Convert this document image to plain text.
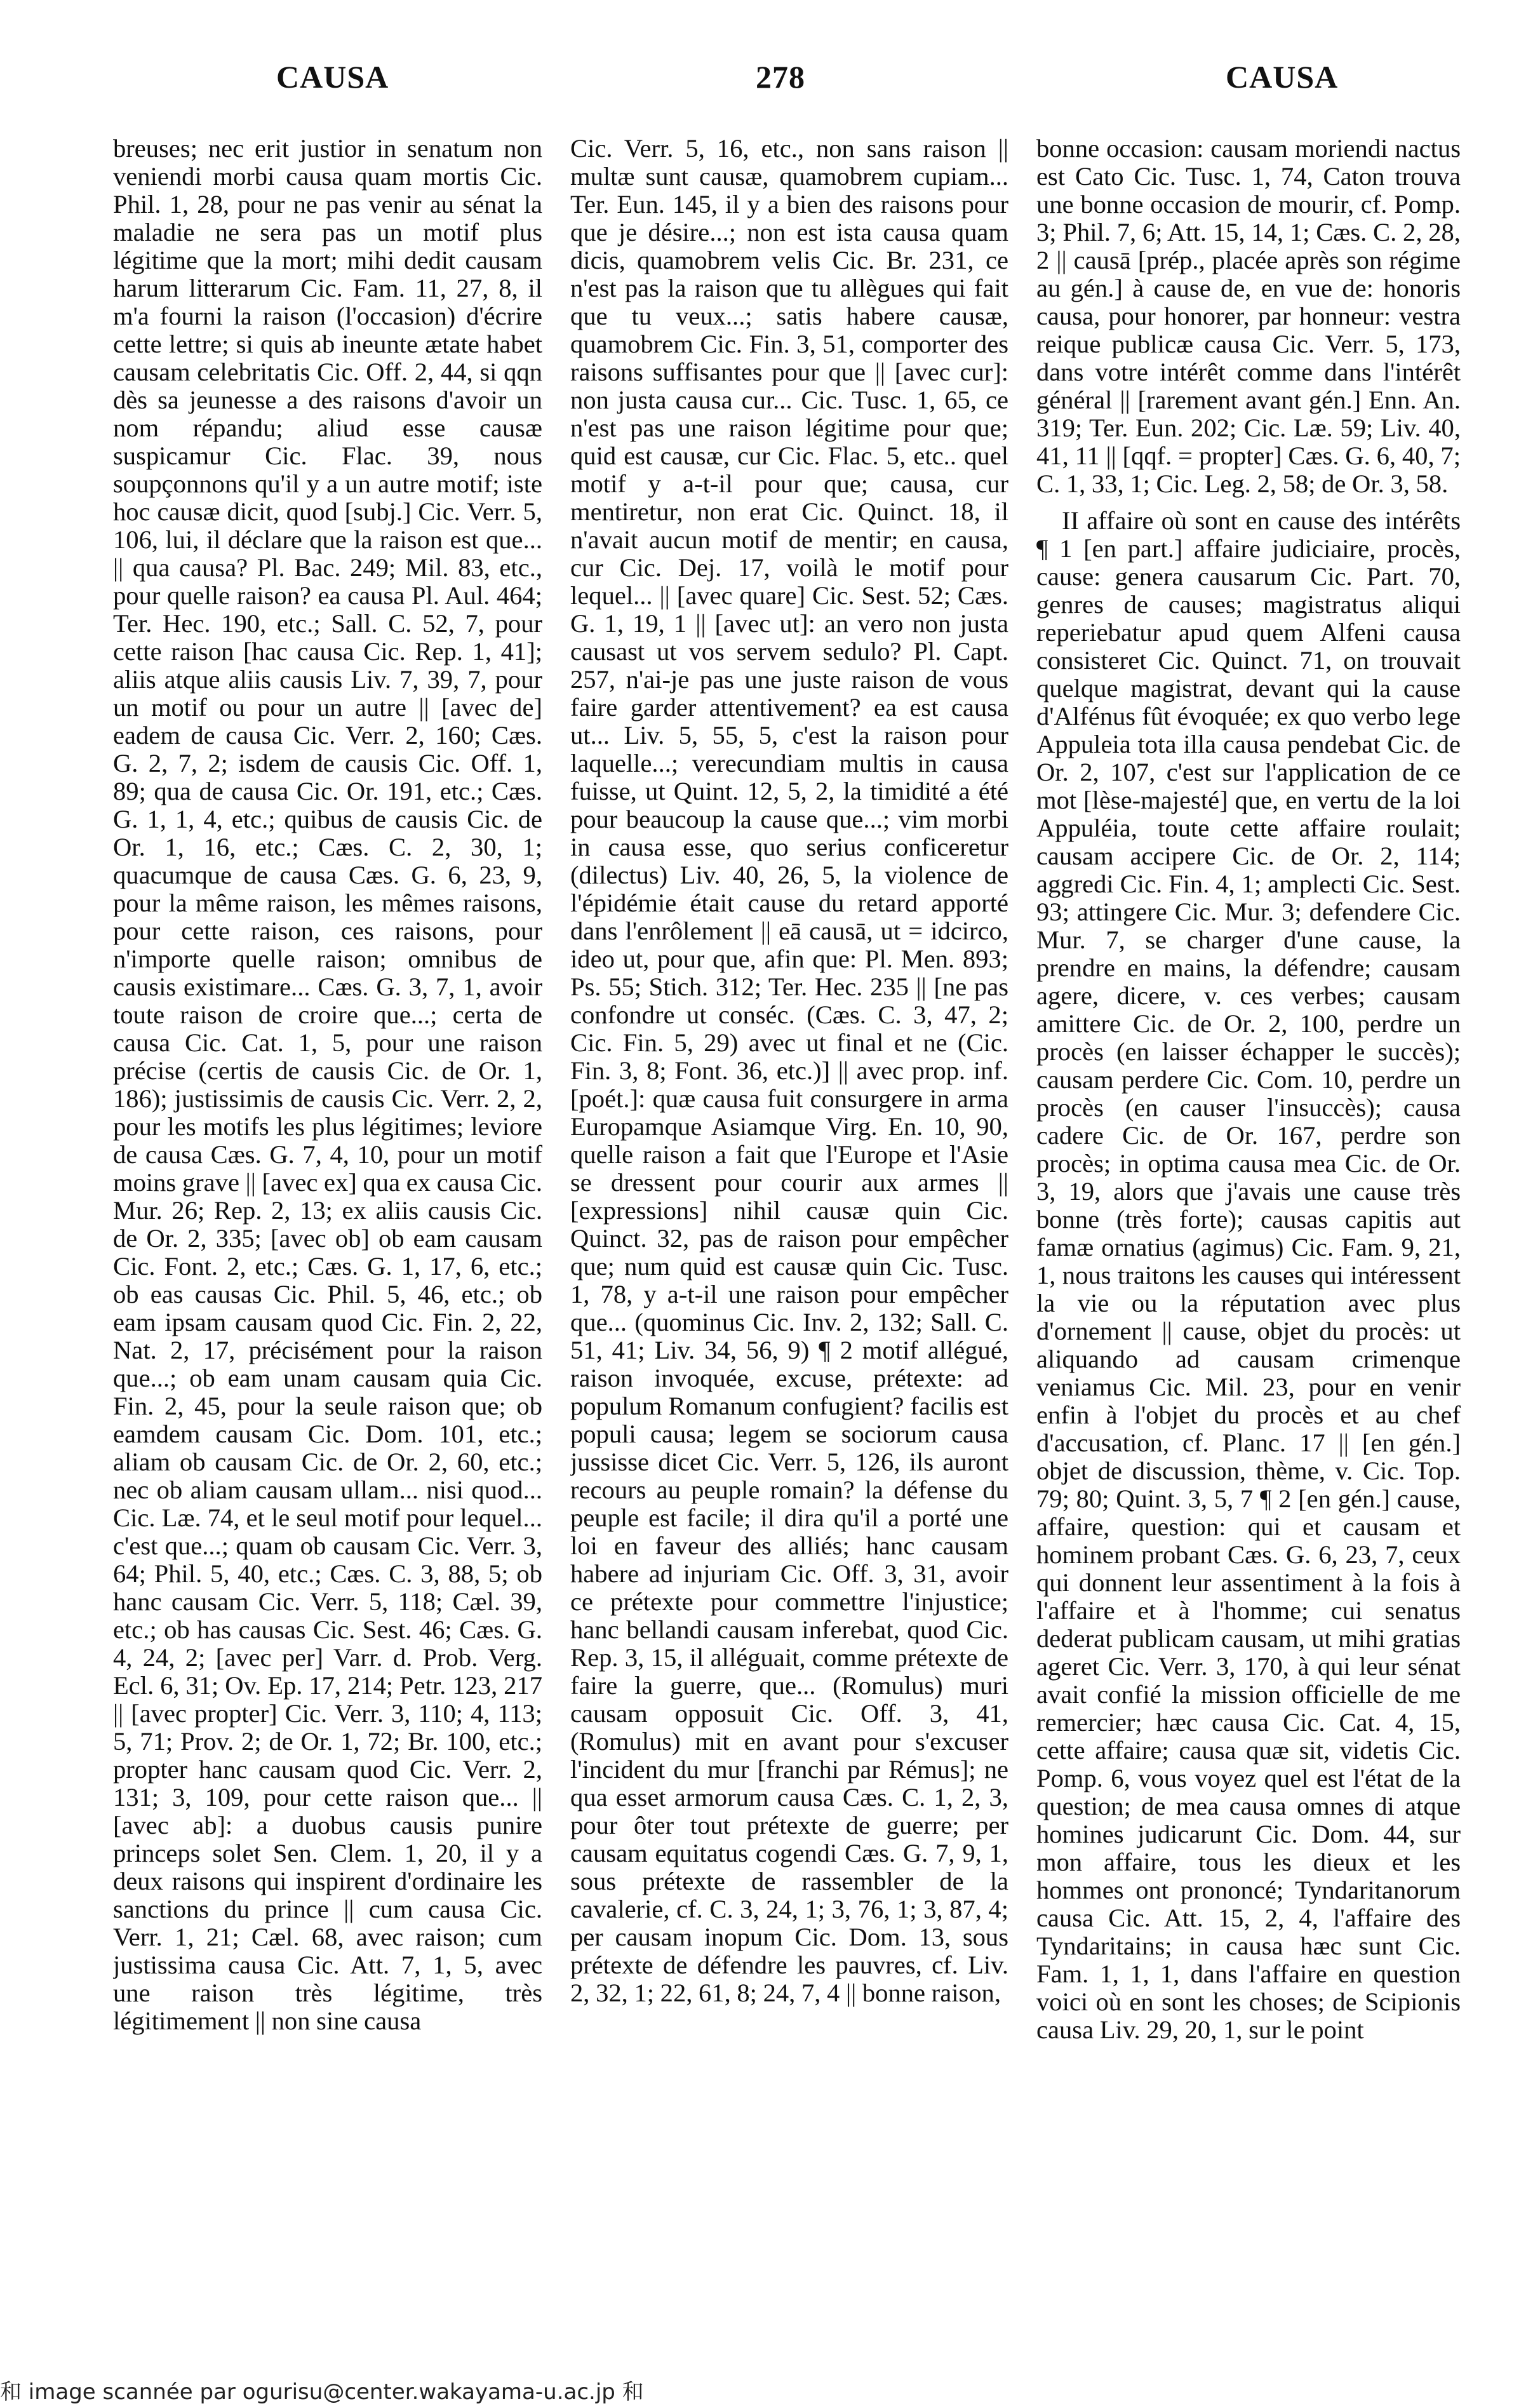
CAUSA	278	CAUSA

breuses; nec erit justior in senatum non veniendi morbi causa quam mortis Cic. Phil. 1, 28, pour ne pas venir au sénat la maladie ne sera pas un motif plus légitime que la mort; mihi dedit causam harum litterarum Cic. Fam. 11, 27, 8, il m'a fourni la raison (l'occasion) d'écrire cette lettre; si quis ab ineunte ætate habet causam celebritatis Cic. Off. 2, 44, si qqn dès sa jeunesse a des raisons d'avoir un nom répandu; aliud esse causæ suspicamur Cic. Flac. 39, nous soupçonnons qu'il y a un autre motif; iste hoc causæ dicit, quod [subj.] Cic. Verr. 5, 106, lui, il déclare que la raison est que... || qua causa? Pl. Bac. 249; Mil. 83, etc., pour quelle raison? ea causa Pl. Aul. 464; Ter. Hec. 190, etc.; Sall. C. 52, 7, pour cette raison [hac causa Cic. Rep. 1, 41]; aliis atque aliis causis Liv. 7, 39, 7, pour un motif ou pour un autre || [avec de] eadem de causa Cic. Verr. 2, 160; Cæs. G. 2, 7, 2; isdem de causis Cic. Off. 1, 89; qua de causa Cic. Or. 191, etc.; Cæs. G. 1, 1, 4, etc.; quibus de causis Cic. de Or. 1, 16, etc.; Cæs. C. 2, 30, 1; quacumque de causa Cæs. G. 6, 23, 9, pour la même raison, les mêmes raisons, pour cette raison, ces raisons, pour n'importe quelle raison; omnibus de causis existimare... Cæs. G. 3, 7, 1, avoir toute raison de croire que...; certa de causa Cic. Cat. 1, 5, pour une raison précise (certis de causis Cic. de Or. 1, 186); justissimis de causis Cic. Verr. 2, 2, pour les motifs les plus légitimes; leviore de causa Cæs. G. 7, 4, 10, pour un motif moins grave || [avec ex] qua ex causa Cic. Mur. 26; Rep. 2, 13; ex aliis causis Cic. de Or. 2, 335; [avec ob] ob eam causam Cic. Font. 2, etc.; Cæs. G. 1, 17, 6, etc.; ob eas causas Cic. Phil. 5, 46, etc.; ob eam ipsam causam quod Cic. Fin. 2, 22, Nat. 2, 17, précisément pour la raison que...; ob eam unam causam quia Cic. Fin. 2, 45, pour la seule raison que; ob eamdem causam Cic. Dom. 101, etc.; aliam ob causam Cic. de Or. 2, 60, etc.; nec ob aliam causam ullam... nisi quod... Cic. Læ. 74, et le seul motif pour lequel... c'est que...; quam ob causam Cic. Verr. 3, 64; Phil. 5, 40, etc.; Cæs. C. 3, 88, 5; ob hanc causam Cic. Verr. 5, 118; Cæl. 39, etc.; ob has causas Cic. Sest. 46; Cæs. G. 4, 24, 2; [avec per] Varr. d. Prob. Verg. Ecl. 6, 31; Ov. Ep. 17, 214; Petr. 123, 217 || [avec propter] Cic. Verr. 3, 110; 4, 113; 5, 71; Prov. 2; de Or. 1, 72; Br. 100, etc.; propter hanc causam quod Cic. Verr. 2, 131; 3, 109, pour cette raison que... || [avec ab]: a duobus causis punire princeps solet Sen. Clem. 1, 20, il y a deux raisons qui inspirent d'ordinaire les sanctions du prince || cum causa Cic. Verr. 1, 21; Cæl. 68, avec raison; cum justissima causa Cic. Att. 7, 1, 5, avec une raison très légitime, très légitimement || non sine causa

Cic. Verr. 5, 16, etc., non sans raison || multæ sunt causæ, quamobrem cupiam... Ter. Eun. 145, il y a bien des raisons pour que je désire...; non est ista causa quam dicis, quamobrem velis Cic. Br. 231, ce n'est pas la raison que tu allègues qui fait que tu veux...; satis habere causæ, quamobrem Cic. Fin. 3, 51, comporter des raisons suffisantes pour que || [avec cur]: non justa causa cur... Cic. Tusc. 1, 65, ce n'est pas une raison légitime pour que; quid est causæ, cur Cic. Flac. 5, etc.. quel motif y a-t-il pour que; causa, cur mentiretur, non erat Cic. Quinct. 18, il n'avait aucun motif de mentir; en causa, cur Cic. Dej. 17, voilà le motif pour lequel... || [avec quare] Cic. Sest. 52; Cæs. G. 1, 19, 1 || [avec ut]: an vero non justa causast ut vos servem sedulo? Pl. Capt. 257, n'ai-je pas une juste raison de vous faire garder attentivement? ea est causa ut... Liv. 5, 55, 5, c'est la raison pour laquelle...; verecundiam multis in causa fuisse, ut Quint. 12, 5, 2, la timidité a été pour beaucoup la cause que...; vim morbi in causa esse, quo serius conficeretur (dilectus) Liv. 40, 26, 5, la violence de l'épidémie était cause du retard apporté dans l'enrôlement || eā causā, ut = idcirco, ideo ut, pour que, afin que: Pl. Men. 893; Ps. 55; Stich. 312; Ter. Hec. 235 || [ne pas confondre ut conséc. (Cæs. C. 3, 47, 2; Cic. Fin. 5, 29) avec ut final et ne (Cic. Fin. 3, 8; Font. 36, etc.)] || avec prop. inf. [poét.]: quæ causa fuit consurgere in arma Europamque Asiamque Virg. En. 10, 90, quelle raison a fait que l'Europe et l'Asie se dressent pour courir aux armes || [expressions] nihil causæ quin Cic. Quinct. 32, pas de raison pour empêcher que; num quid est causæ quin Cic. Tusc. 1, 78, y a-t-il une raison pour empêcher que... (quominus Cic. Inv. 2, 132; Sall. C. 51, 41; Liv. 34, 56, 9) ¶ 2 motif allégué, raison invoquée, excuse, prétexte: ad populum Romanum confugient? facilis est populi causa; legem se sociorum causa jussisse dicet Cic. Verr. 5, 126, ils auront recours au peuple romain? la défense du peuple est facile; il dira qu'il a porté une loi en faveur des alliés; hanc causam habere ad injuriam Cic. Off. 3, 31, avoir ce prétexte pour commettre l'injustice; hanc bellandi causam inferebat, quod Cic. Rep. 3, 15, il alléguait, comme prétexte de faire la guerre, que... (Romulus) muri causam opposuit Cic. Off. 3, 41, (Romulus) mit en avant pour s'excuser l'incident du mur [franchi par Rémus]; ne qua esset armorum causa Cæs. C. 1, 2, 3, pour ôter tout prétexte de guerre; per causam equitatus cogendi Cæs. G. 7, 9, 1, sous prétexte de rassembler de la cavalerie, cf. C. 3, 24, 1; 3, 76, 1; 3, 87, 4; per causam inopum Cic. Dom. 13, sous prétexte de défendre les pauvres, cf. Liv. 2, 32, 1; 22, 61, 8; 24, 7, 4 || bonne raison,

bonne occasion: causam moriendi nactus est Cato Cic. Tusc. 1, 74, Caton trouva une bonne occasion de mourir, cf. Pomp. 3; Phil. 7, 6; Att. 15, 14, 1; Cæs. C. 2, 28, 2 || causā [prép., placée après son régime au gén.] à cause de, en vue de: honoris causa, pour honorer, par honneur: vestra reique publicæ causa Cic. Verr. 5, 173, dans votre intérêt comme dans l'intérêt général || [rarement avant gén.] Enn. An. 319; Ter. Eun. 202; Cic. Læ. 59; Liv. 40, 41, 11 || [qqf. = propter] Cæs. G. 6, 40, 7; C. 1, 33, 1; Cic. Leg. 2, 58; de Or. 3, 58.

II affaire où sont en cause des intérêts ¶ 1 [en part.] affaire judiciaire, procès, cause: genera causarum Cic. Part. 70, genres de causes; magistratus aliqui reperiebatur apud quem Alfeni causa consisteret Cic. Quinct. 71, on trouvait quelque magistrat, devant qui la cause d'Alfénus fût évoquée; ex quo verbo lege Appuleia tota illa causa pendebat Cic. de Or. 2, 107, c'est sur l'application de ce mot [lèse-majesté] que, en vertu de la loi Appuléia, toute cette affaire roulait; causam accipere Cic. de Or. 2, 114; aggredi Cic. Fin. 4, 1; amplecti Cic. Sest. 93; attingere Cic. Mur. 3; defendere Cic. Mur. 7, se charger d'une cause, la prendre en mains, la défendre; causam agere, dicere, v. ces verbes; causam amittere Cic. de Or. 2, 100, perdre un procès (en laisser échapper le succès); causam perdere Cic. Com. 10, perdre un procès (en causer l'insuccès); causa cadere Cic. de Or. 167, perdre son procès; in optima causa mea Cic. de Or. 3, 19, alors que j'avais une cause très bonne (très forte); causas capitis aut famæ ornatius (agimus) Cic. Fam. 9, 21, 1, nous traitons les causes qui intéressent la vie ou la réputation avec plus d'ornement || cause, objet du procès: ut aliquando ad causam crimenque veniamus Cic. Mil. 23, pour en venir enfin à l'objet du procès et au chef d'accusation, cf. Planc. 17 || [en gén.] objet de discussion, thème, v. Cic. Top. 79; 80; Quint. 3, 5, 7 ¶ 2 [en gén.] cause, affaire, question: qui et causam et hominem probant Cæs. G. 6, 23, 7, ceux qui donnent leur assentiment à la fois à l'affaire et à l'homme; cui senatus dederat publicam causam, ut mihi gratias ageret Cic. Verr. 3, 170, à qui leur sénat avait confié la mission officielle de me remercier; hæc causa Cic. Cat. 4, 15, cette affaire; causa quæ sit, videtis Cic. Pomp. 6, vous voyez quel est l'état de la question; de mea causa omnes di atque homines judicarunt Cic. Dom. 44, sur mon affaire, tous les dieux et les hommes ont prononcé; Tyndaritanorum causa Cic. Att. 15, 2, 4, l'affaire des Tyndaritains; in causa hæc sunt Cic. Fam. 1, 1, 1, dans l'affaire en question voici où en sont les choses; de Scipionis causa Liv. 29, 20, 1, sur le point

和 image scannée par ogurisu@center.wakayama-u.ac.jp 和
